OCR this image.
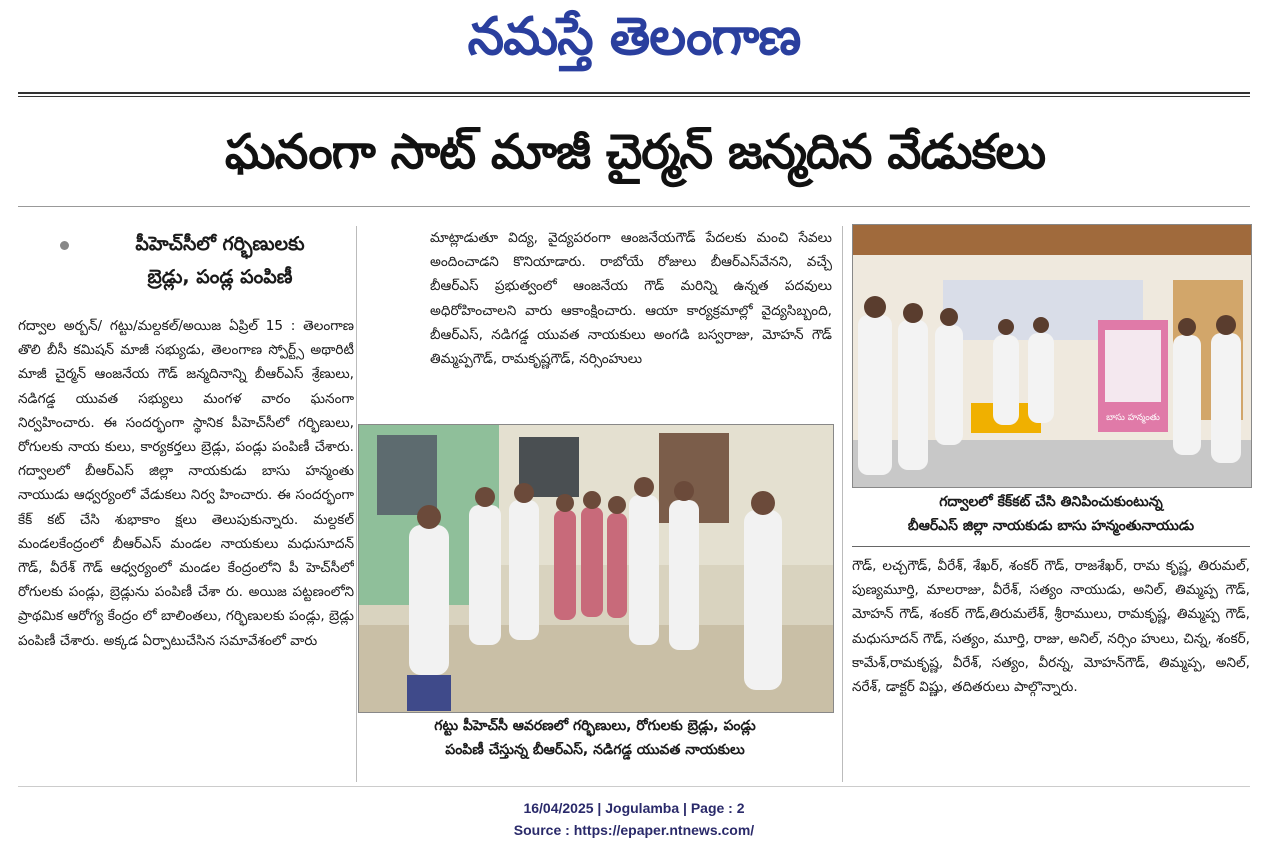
నమస్తే తెలంగాణ
ఘనంగా సాట్ మాజీ చైర్మన్ జన్మదిన వేడుకలు
పీహెచ్‌సీలో గర్భిణులకు
బ్రెడ్లు, పండ్ల పంపిణీ

గద్వాల అర్బన్/ గట్టు/మల్దకల్/అయిజ ఏప్రిల్ 15 : తెలంగాణ తొలి బీసీ కమిషన్ మాజీ సభ్యుడు, తెలంగాణ స్పోర్ట్స్ అథారిటీ మాజీ చైర్మన్ ఆంజనేయ గౌడ్ జన్మదినాన్ని బీఆర్‌ఎస్ శ్రేణులు, నడిగడ్డ యువత సభ్యులు మంగళ వారం ఘనంగా నిర్వహించారు. ఈ సందర్భంగా స్థానిక పీహెచ్‌సీలో గర్భిణులు, రోగులకు నాయ కులు, కార్యకర్తలు బ్రెడ్లు, పండ్లు పంపిణీ చేశారు. గద్వాలలో బీఆర్‌ఎస్ జిల్లా నాయకుడు బాసు హన్మంతు నాయుడు ఆధ్వర్యంలో వేడుకలు నిర్వ హించారు. ఈ సందర్భంగా కేక్ కట్ చేసి శుభాకాం క్షలు తెలుపుకున్నారు. మల్దకల్ మండలకేంద్రంలో బీఆర్‌ఎస్ మండల నాయకులు మధుసూదన్ గౌడ్, వీరేశ్ గౌడ్ ఆధ్వర్యంలో మండల కేంద్రంలోని పీ హెచ్‌సీలో రోగులకు పండ్లు, బ్రెడ్లును పంపిణీ చేశా రు. అయిజ పట్టణంలోని ప్రాథమిక ఆరోగ్య కేంద్రం లో బాలింతలు, గర్భిణులకు పండ్లు, బ్రెడ్లు పంపిణీ చేశారు. అక్కడ ఏర్పాటుచేసిన సమావేశంలో వారు

మాట్లాడుతూ విద్య, వైద్యపరంగా ఆంజనేయగౌడ్ పేదలకు మంచి సేవలు అందించాడని కొనియాడారు. రాబోయే రోజులు బీఆర్‌ఎస్‌వేనని, వచ్చే బీఆర్‌ఎస్ ప్రభుత్వంలో ఆంజనేయ గౌడ్ మరిన్ని ఉన్నత పదవులు అధిరోహించాలని వారు ఆకాంక్షించారు. ఆయా కార్యక్రమాల్లో వైద్యసిబ్బంది, బీఆర్‌ఎస్, నడిగడ్డ యువత నాయకులు అంగడి బస్వరాజు, మోహన్ గౌడ్ తిమ్మప్పగౌడ్, రామకృష్ణగౌడ్, నర్సింహులు

గట్టు పీహెచ్‌సీ ఆవరణలో గర్భిణులు, రోగులకు బ్రెడ్లు, పండ్లు
పంపిణీ చేస్తున్న బీఆర్‌ఎస్, నడిగడ్డ యువత నాయకులు
బాసు హన్మంతు
గద్వాలలో కేక్‌కట్ చేసి తినిపించుకుంటున్న
బీఆర్‌ఎస్ జిల్లా నాయకుడు బాసు హన్మంతునాయుడు

గౌడ్, లచ్చగౌడ్, వీరేశ్, శేఖర్, శంకర్ గౌడ్, రాజశేఖర్, రామ కృష్ణ, తిరుమల్, పుణ్యమూర్తి, మాలరాజు, వీరేశ్, సత్యం నాయుడు, అనిల్, తిమ్మప్ప గౌడ్, మోహన్ గౌడ్, శంకర్ గౌడ్,తిరుమలేశ్, శ్రీరాములు, రామకృష్ణ, తిమ్మప్ప గౌడ్, మధుసూదన్ గౌడ్, సత్యం, మూర్తి, రాజు, అనిల్, నర్సిం హులు, చిన్న, శంకర్, కామేశ్,రామకృష్ణ, వీరేశ్, సత్యం, వీరన్న, మోహన్‌గౌడ్, తిమ్మప్ప, అనిల్, నరేశ్, డాక్టర్ విష్ణు, తదితరులు పాల్గొన్నారు.

16/04/2025 | Jogulamba | Page : 2
Source : https://epaper.ntnews.com/
